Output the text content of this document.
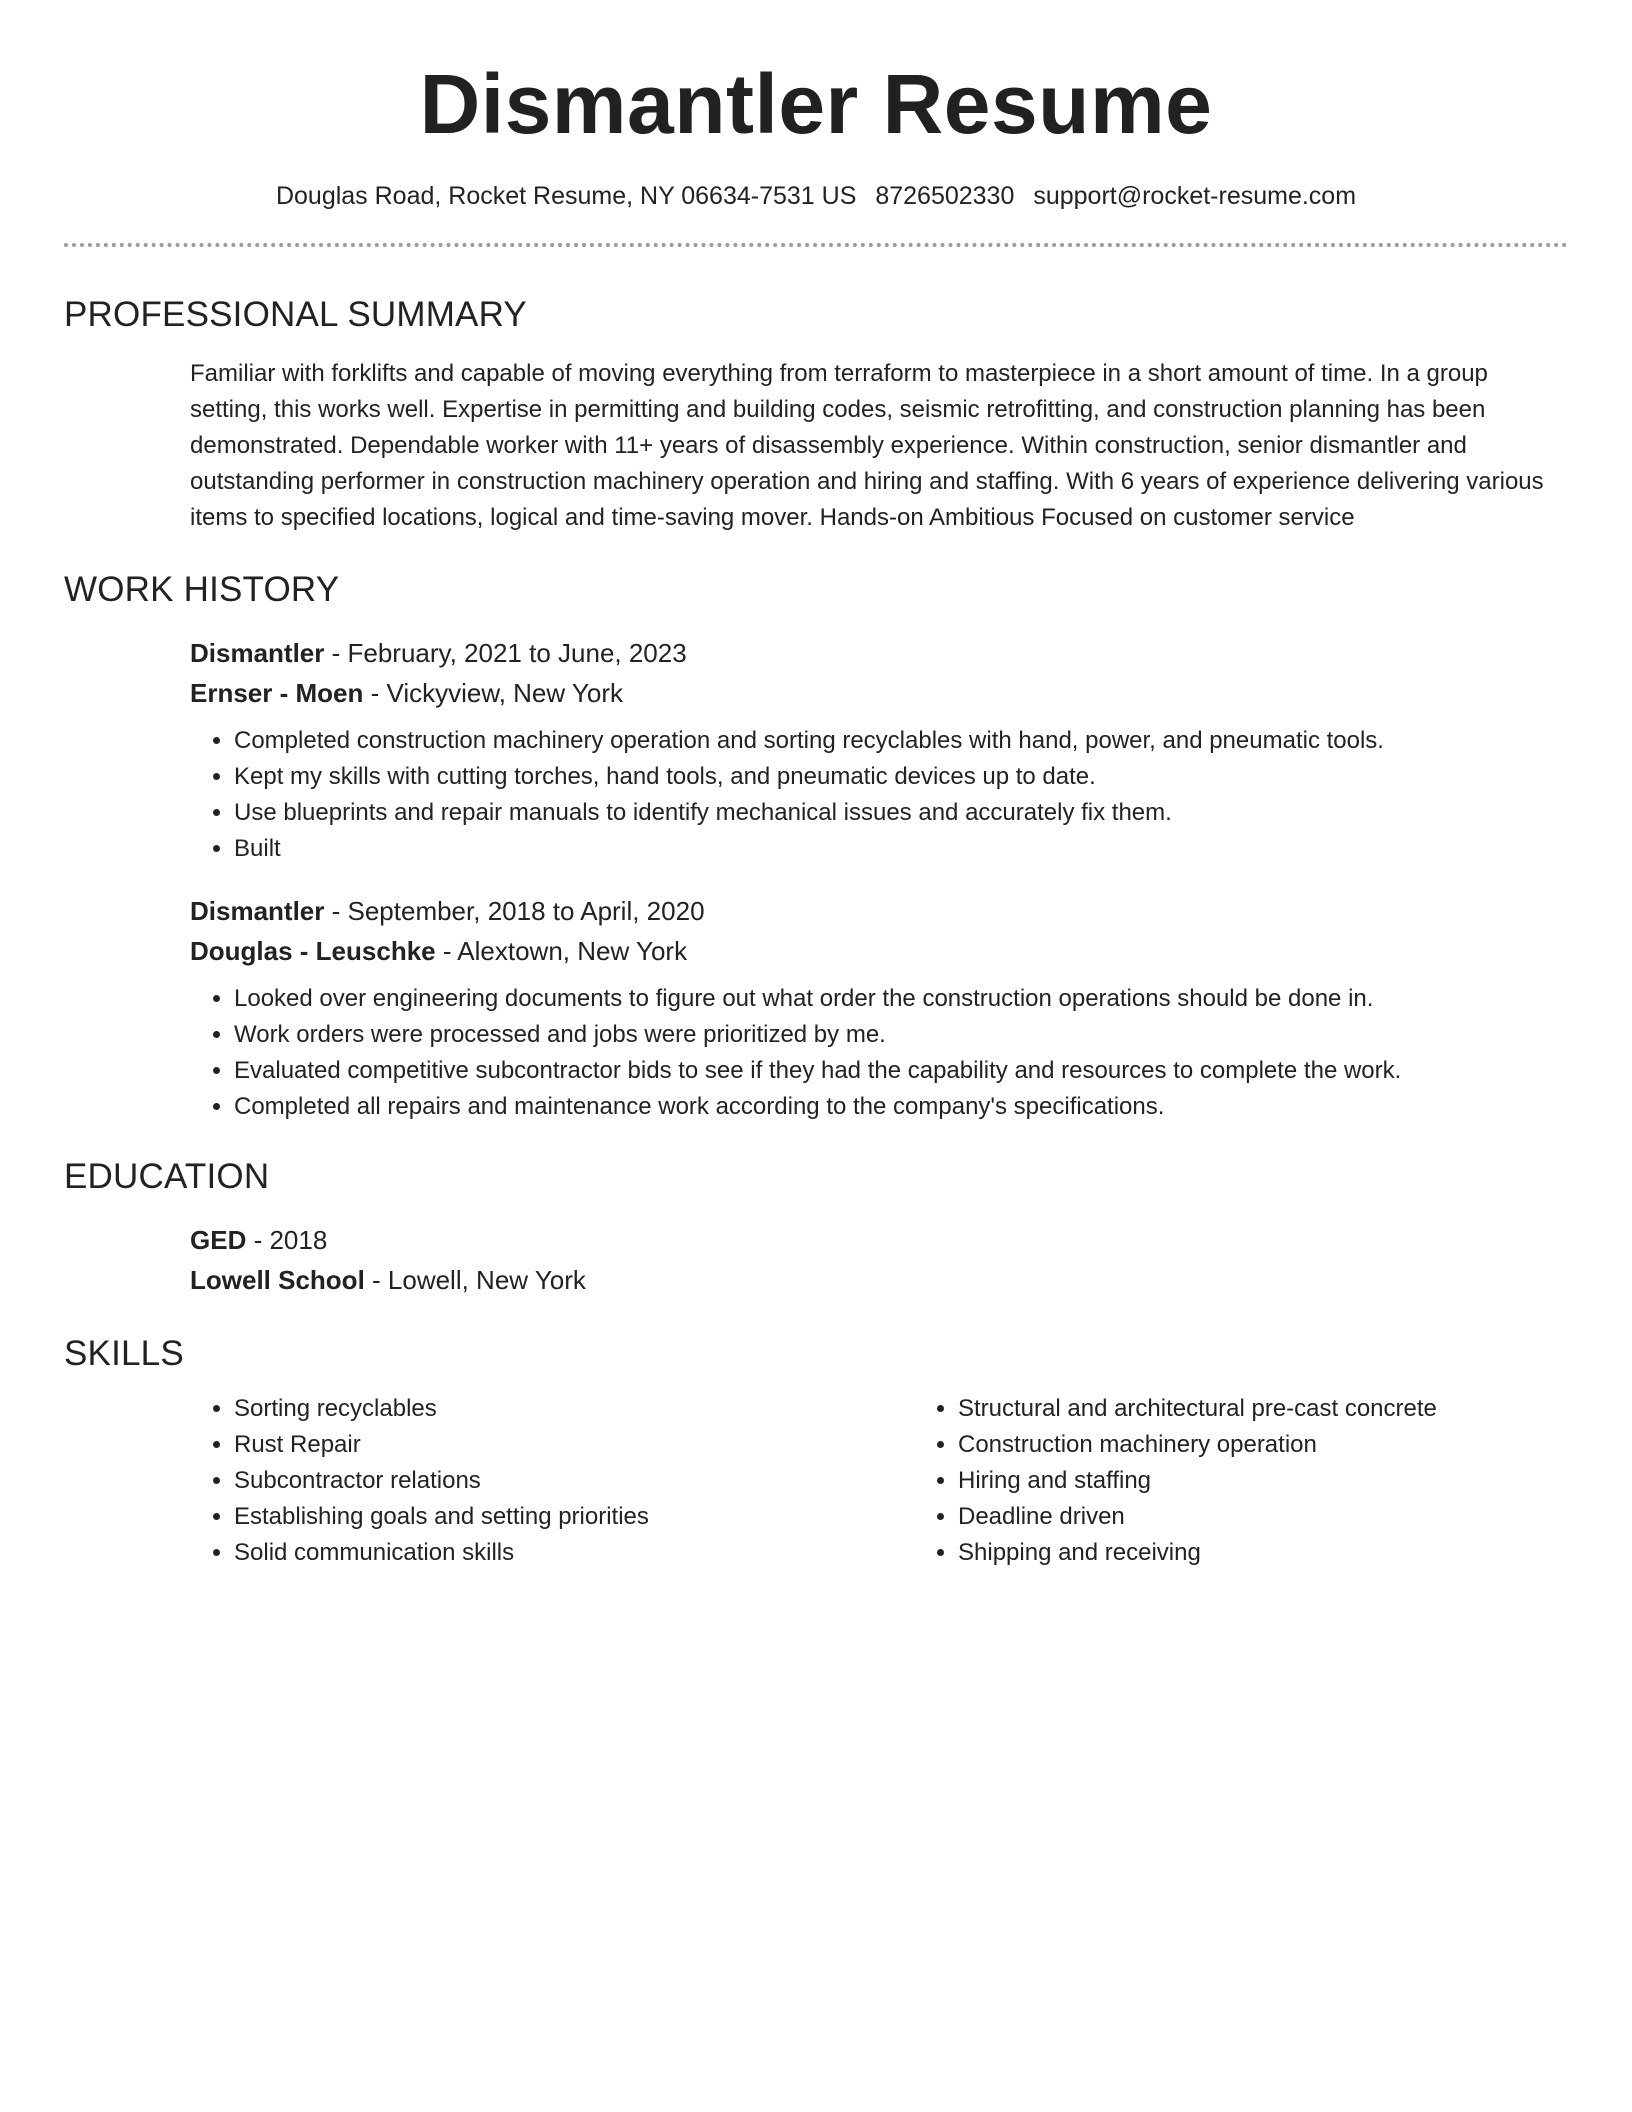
Dismantler Resume
Douglas Road, Rocket Resume, NY 06634-7531 US 8726502330 support@rocket-resume.com
PROFESSIONAL SUMMARY
Familiar with forklifts and capable of moving everything from terraform to masterpiece in a short amount of time. In a group setting, this works well. Expertise in permitting and building codes, seismic retrofitting, and construction planning has been demonstrated. Dependable worker with 11+ years of disassembly experience. Within construction, senior dismantler and outstanding performer in construction machinery operation and hiring and staffing. With 6 years of experience delivering various items to specified locations, logical and time-saving mover. Hands-on Ambitious Focused on customer service
WORK HISTORY
Dismantler - February, 2021 to June, 2023
Ernser - Moen - Vickyview, New York
• Completed construction machinery operation and sorting recyclables with hand, power, and pneumatic tools.
• Kept my skills with cutting torches, hand tools, and pneumatic devices up to date.
• Use blueprints and repair manuals to identify mechanical issues and accurately fix them.
• Built
Dismantler - September, 2018 to April, 2020
Douglas - Leuschke - Alextown, New York
• Looked over engineering documents to figure out what order the construction operations should be done in.
• Work orders were processed and jobs were prioritized by me.
• Evaluated competitive subcontractor bids to see if they had the capability and resources to complete the work.
• Completed all repairs and maintenance work according to the company's specifications.
EDUCATION
GED - 2018
Lowell School - Lowell, New York
SKILLS
• Sorting recyclables
• Rust Repair
• Subcontractor relations
• Establishing goals and setting priorities
• Solid communication skills
• Structural and architectural pre-cast concrete
• Construction machinery operation
• Hiring and staffing
• Deadline driven
• Shipping and receiving
